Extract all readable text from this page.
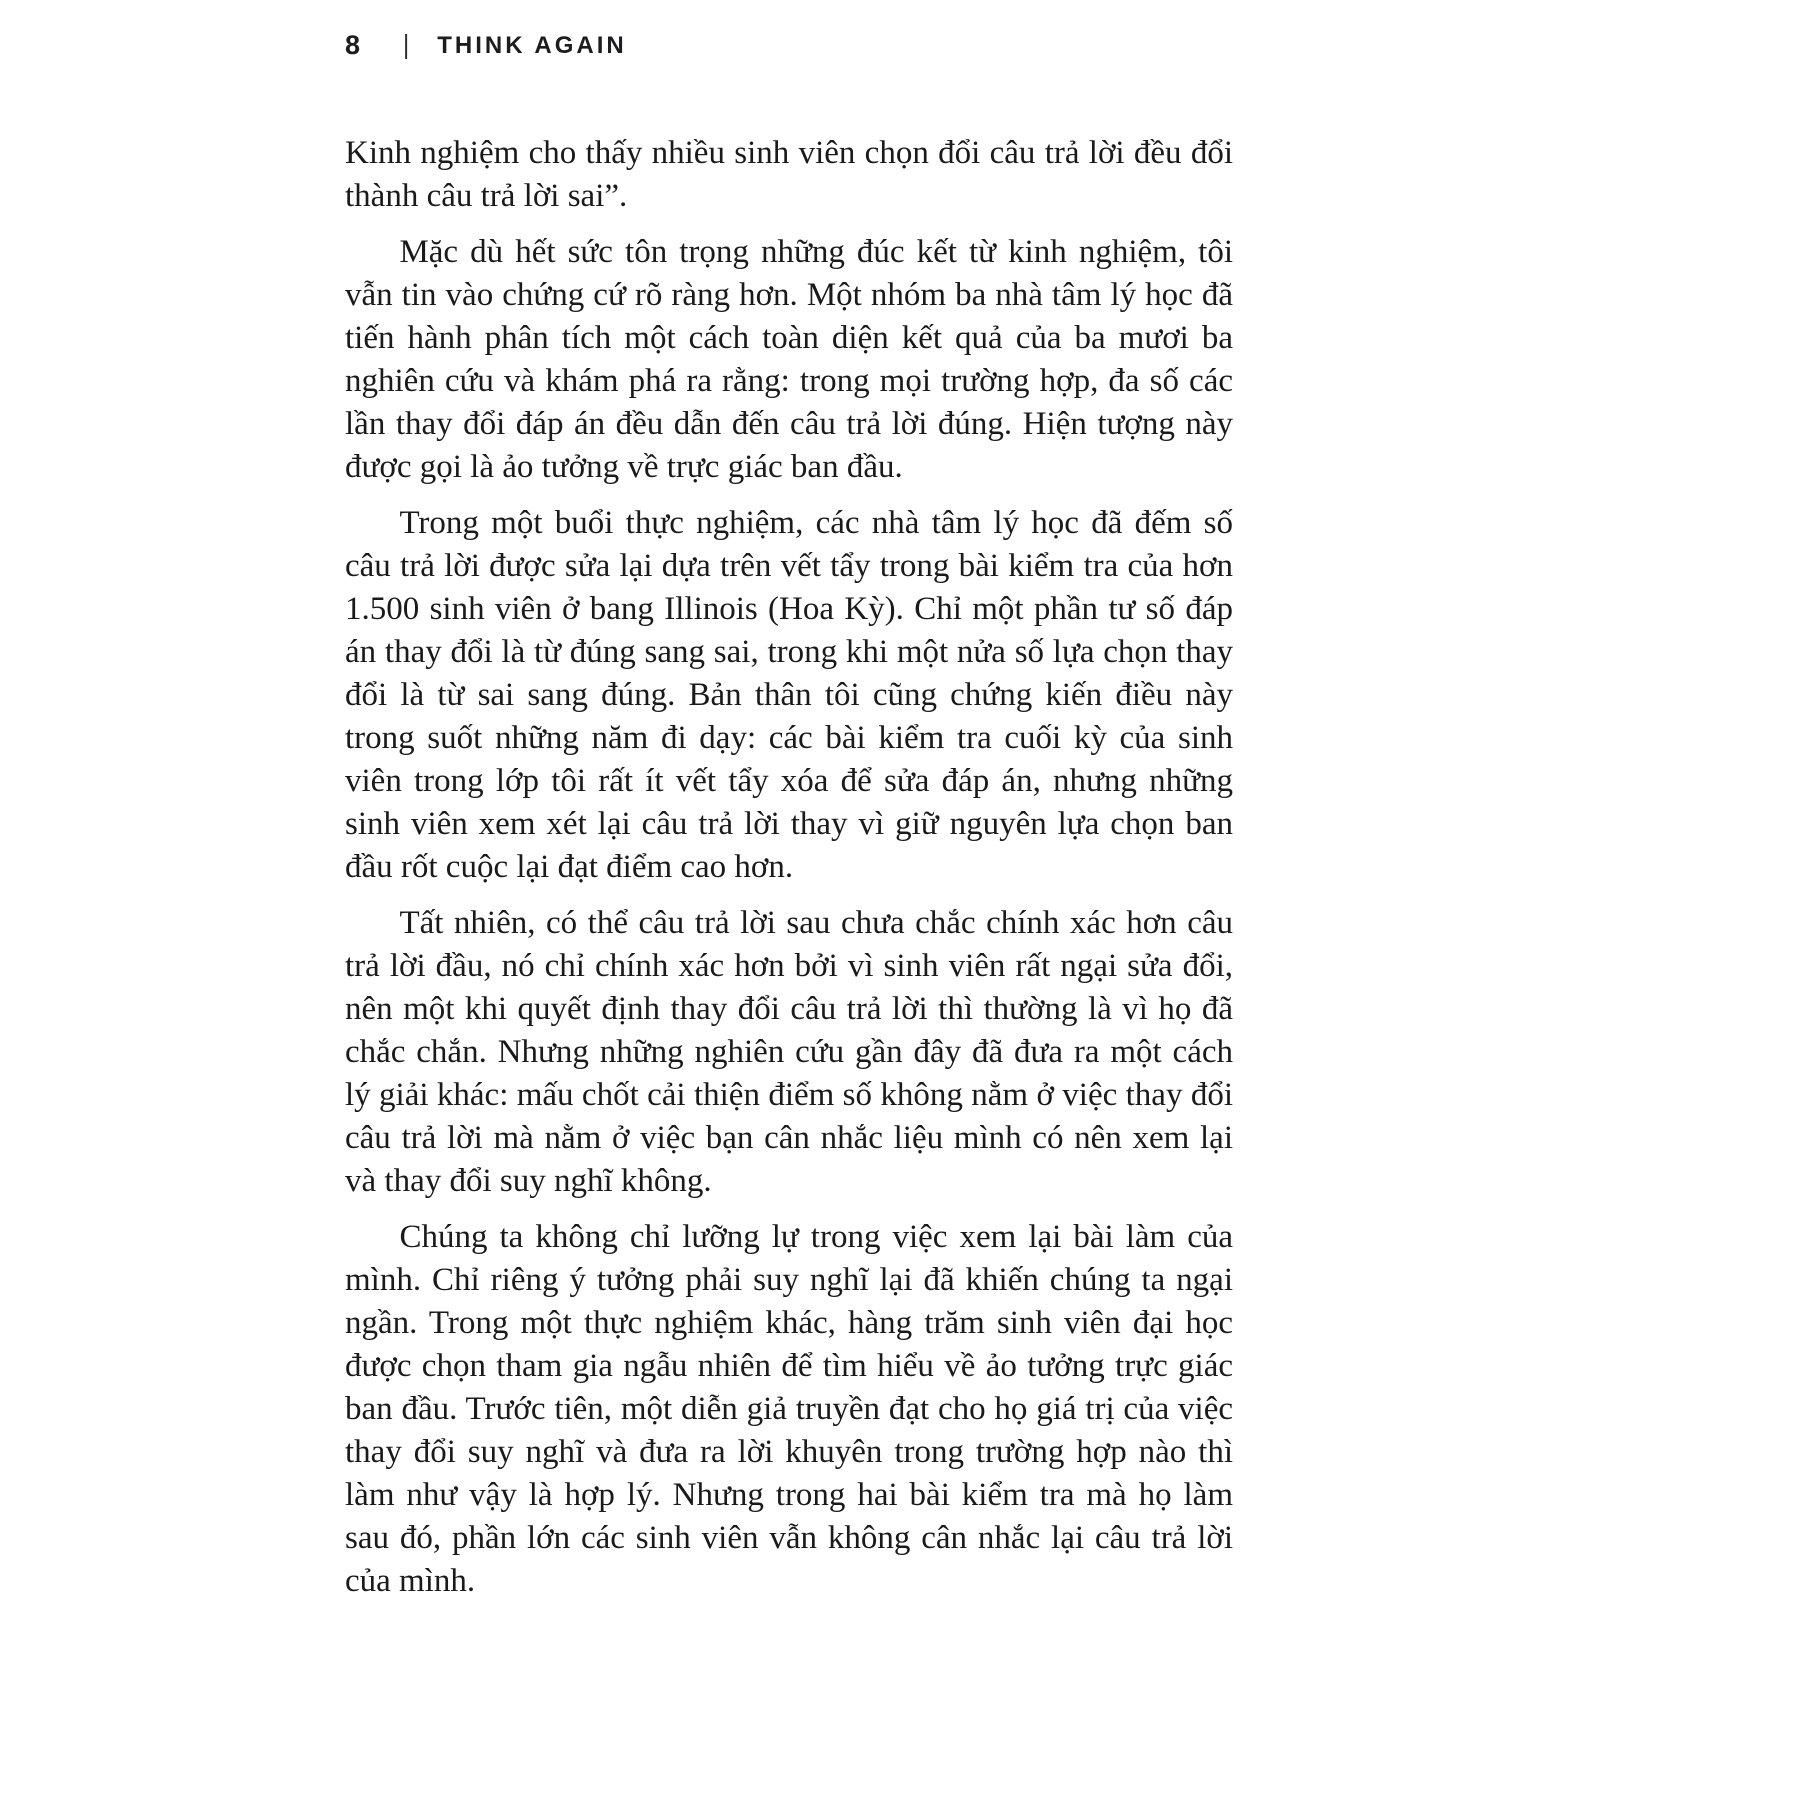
8 | THINK AGAIN

Kinh nghiệm cho thấy nhiều sinh viên chọn đổi câu trả lời đều đổi thành câu trả lời sai”.

Mặc dù hết sức tôn trọng những đúc kết từ kinh nghiệm, tôi vẫn tin vào chứng cứ rõ ràng hơn. Một nhóm ba nhà tâm lý học đã tiến hành phân tích một cách toàn diện kết quả của ba mươi ba nghiên cứu và khám phá ra rằng: trong mọi trường hợp, đa số các lần thay đổi đáp án đều dẫn đến câu trả lời đúng. Hiện tượng này được gọi là ảo tưởng về trực giác ban đầu.

Trong một buổi thực nghiệm, các nhà tâm lý học đã đếm số câu trả lời được sửa lại dựa trên vết tẩy trong bài kiểm tra của hơn 1.500 sinh viên ở bang Illinois (Hoa Kỳ). Chỉ một phần tư số đáp án thay đổi là từ đúng sang sai, trong khi một nửa số lựa chọn thay đổi là từ sai sang đúng. Bản thân tôi cũng chứng kiến điều này trong suốt những năm đi dạy: các bài kiểm tra cuối kỳ của sinh viên trong lớp tôi rất ít vết tẩy xóa để sửa đáp án, nhưng những sinh viên xem xét lại câu trả lời thay vì giữ nguyên lựa chọn ban đầu rốt cuộc lại đạt điểm cao hơn.

Tất nhiên, có thể câu trả lời sau chưa chắc chính xác hơn câu trả lời đầu, nó chỉ chính xác hơn bởi vì sinh viên rất ngại sửa đổi, nên một khi quyết định thay đổi câu trả lời thì thường là vì họ đã chắc chắn. Nhưng những nghiên cứu gần đây đã đưa ra một cách lý giải khác: mấu chốt cải thiện điểm số không nằm ở việc thay đổi câu trả lời mà nằm ở việc bạn cân nhắc liệu mình có nên xem lại và thay đổi suy nghĩ không.

Chúng ta không chỉ lưỡng lự trong việc xem lại bài làm của mình. Chỉ riêng ý tưởng phải suy nghĩ lại đã khiến chúng ta ngại ngần. Trong một thực nghiệm khác, hàng trăm sinh viên đại học được chọn tham gia ngẫu nhiên để tìm hiểu về ảo tưởng trực giác ban đầu. Trước tiên, một diễn giả truyền đạt cho họ giá trị của việc thay đổi suy nghĩ và đưa ra lời khuyên trong trường hợp nào thì làm như vậy là hợp lý. Nhưng trong hai bài kiểm tra mà họ làm sau đó, phần lớn các sinh viên vẫn không cân nhắc lại câu trả lời của mình.
